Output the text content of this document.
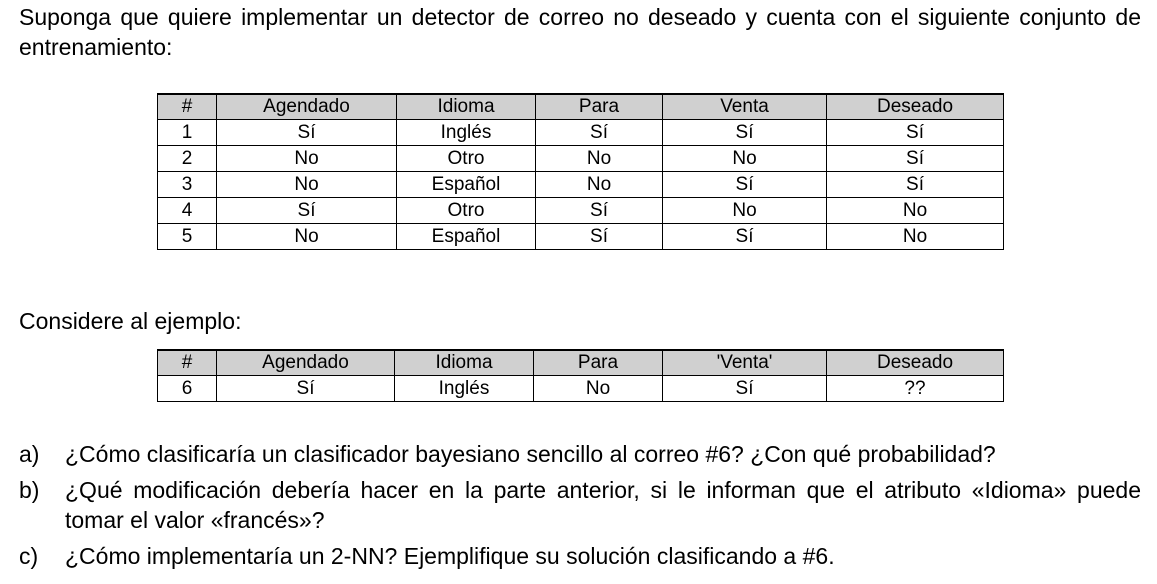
Suponga que quiere implementar un detector de correo no deseado y cuenta con el siguiente conjunto de entrenamiento:

#	Agendado	Idioma	Para	Venta	Deseado
1	Sí	Inglés	Sí	Sí	Sí
2	No	Otro	No	No	Sí
3	No	Español	No	Sí	Sí
4	Sí	Otro	Sí	No	No
5	No	Español	Sí	Sí	No

Considere al ejemplo:

#	Agendado	Idioma	Para	'Venta'	Deseado
6	Sí	Inglés	No	Sí	??
a)	¿Cómo clasificaría un clasificador bayesiano sencillo al correo #6? ¿Con qué probabilidad?
b)	¿Qué modificación debería hacer en la parte anterior, si le informan que el atributo «Idioma» puede tomar el valor «francés»?
c)	¿Cómo implementaría un 2-NN? Ejemplifique su solución clasificando a #6.
